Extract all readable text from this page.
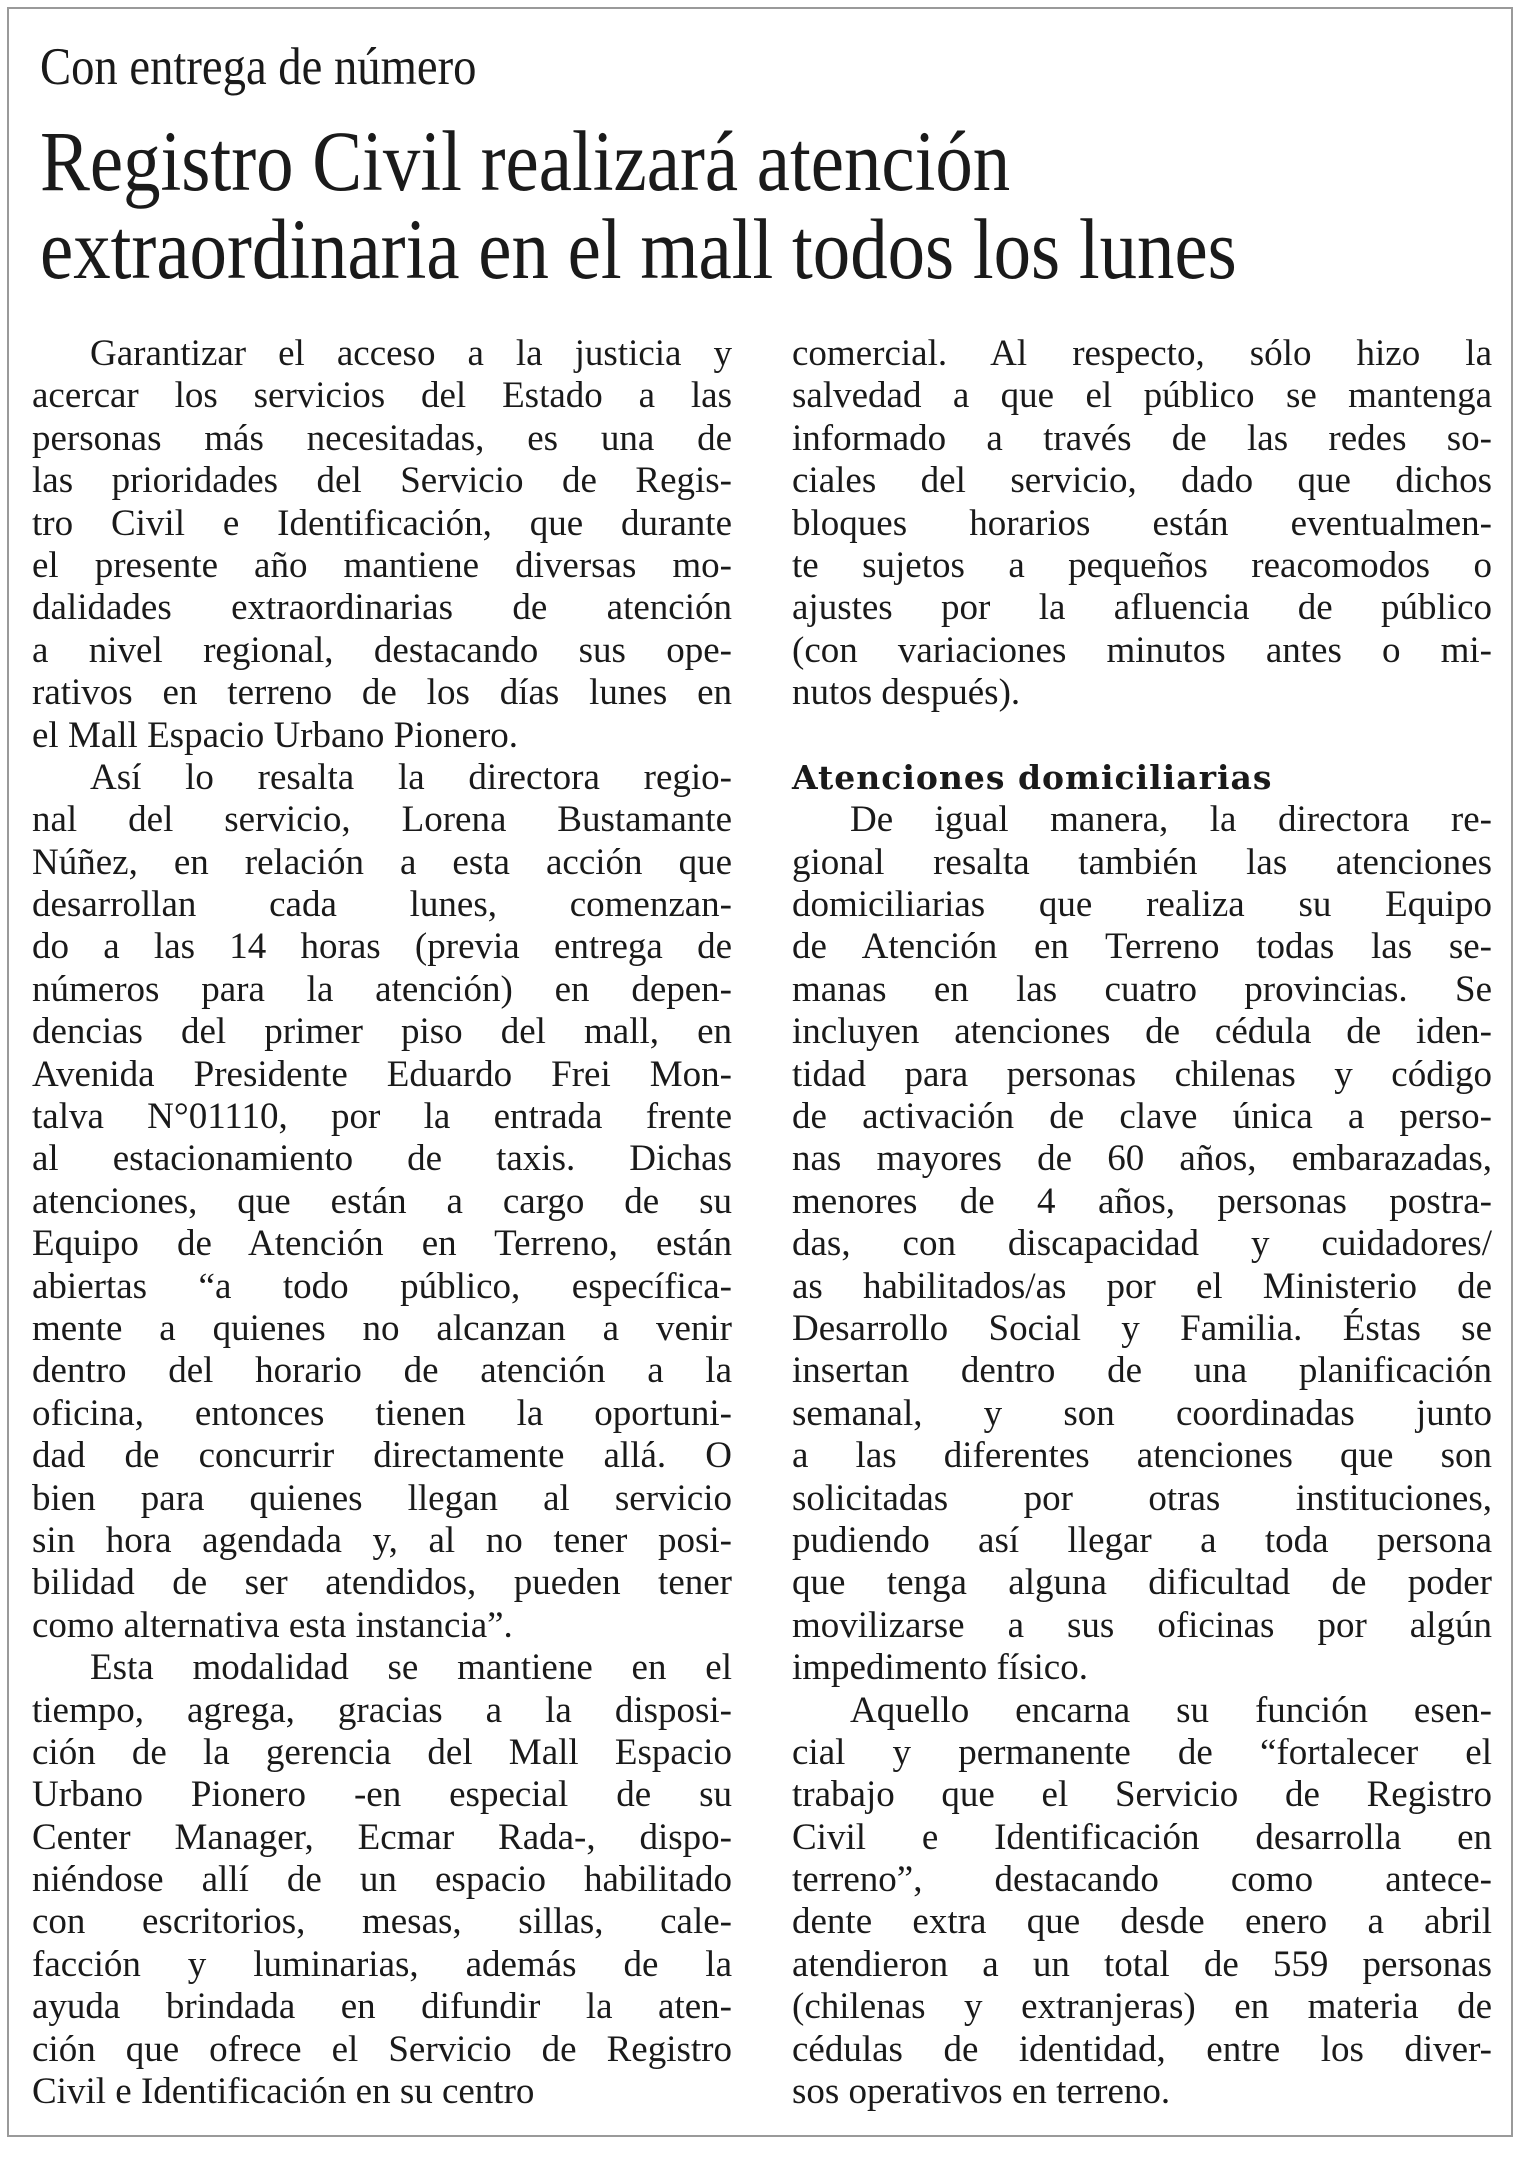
Con entrega de número
Registro Civil realizará atención
extraordinaria en el mall todos los lunes
Garantizar el acceso a la justicia y
acercar los servicios del Estado a las
personas más necesitadas, es una de
las prioridades del Servicio de Regis-
tro Civil e Identificación, que durante
el presente año mantiene diversas mo-
dalidades extraordinarias de atención
a nivel regional, destacando sus ope-
rativos en terreno de los días lunes en
el Mall Espacio Urbano Pionero.
Así lo resalta la directora regio-
nal del servicio, Lorena Bustamante
Núñez, en relación a esta acción que
desarrollan cada lunes, comenzan-
do a las 14 horas (previa entrega de
números para la atención) en depen-
dencias del primer piso del mall, en
Avenida Presidente Eduardo Frei Mon-
talva N°01110, por la entrada frente
al estacionamiento de taxis. Dichas
atenciones, que están a cargo de su
Equipo de Atención en Terreno, están
abiertas “a todo público, específica-
mente a quienes no alcanzan a venir
dentro del horario de atención a la
oficina, entonces tienen la oportuni-
dad de concurrir directamente allá. O
bien para quienes llegan al servicio
sin hora agendada y, al no tener posi-
bilidad de ser atendidos, pueden tener
como alternativa esta instancia”.
Esta modalidad se mantiene en el
tiempo, agrega, gracias a la disposi-
ción de la gerencia del Mall Espacio
Urbano Pionero -en especial de su
Center Manager, Ecmar Rada-, dispo-
niéndose allí de un espacio habilitado
con escritorios, mesas, sillas, cale-
facción y luminarias, además de la
ayuda brindada en difundir la aten-
ción que ofrece el Servicio de Registro
Civil e Identificación en su centro
comercial. Al respecto, sólo hizo la
salvedad a que el público se mantenga
informado a través de las redes so-
ciales del servicio, dado que dichos
bloques horarios están eventualmen-
te sujetos a pequeños reacomodos o
ajustes por la afluencia de público
(con variaciones minutos antes o mi-
nutos después).
Atenciones domiciliarias
De igual manera, la directora re-
gional resalta también las atenciones
domiciliarias que realiza su Equipo
de Atención en Terreno todas las se-
manas en las cuatro provincias. Se
incluyen atenciones de cédula de iden-
tidad para personas chilenas y código
de activación de clave única a perso-
nas mayores de 60 años, embarazadas,
menores de 4 años, personas postra-
das, con discapacidad y cuidadores/
as habilitados/as por el Ministerio de
Desarrollo Social y Familia. Éstas se
insertan dentro de una planificación
semanal, y son coordinadas junto
a las diferentes atenciones que son
solicitadas por otras instituciones,
pudiendo así llegar a toda persona
que tenga alguna dificultad de poder
movilizarse a sus oficinas por algún
impedimento físico.
Aquello encarna su función esen-
cial y permanente de “fortalecer el
trabajo que el Servicio de Registro
Civil e Identificación desarrolla en
terreno”, destacando como antece-
dente extra que desde enero a abril
atendieron a un total de 559 personas
(chilenas y extranjeras) en materia de
cédulas de identidad, entre los diver-
sos operativos en terreno.
